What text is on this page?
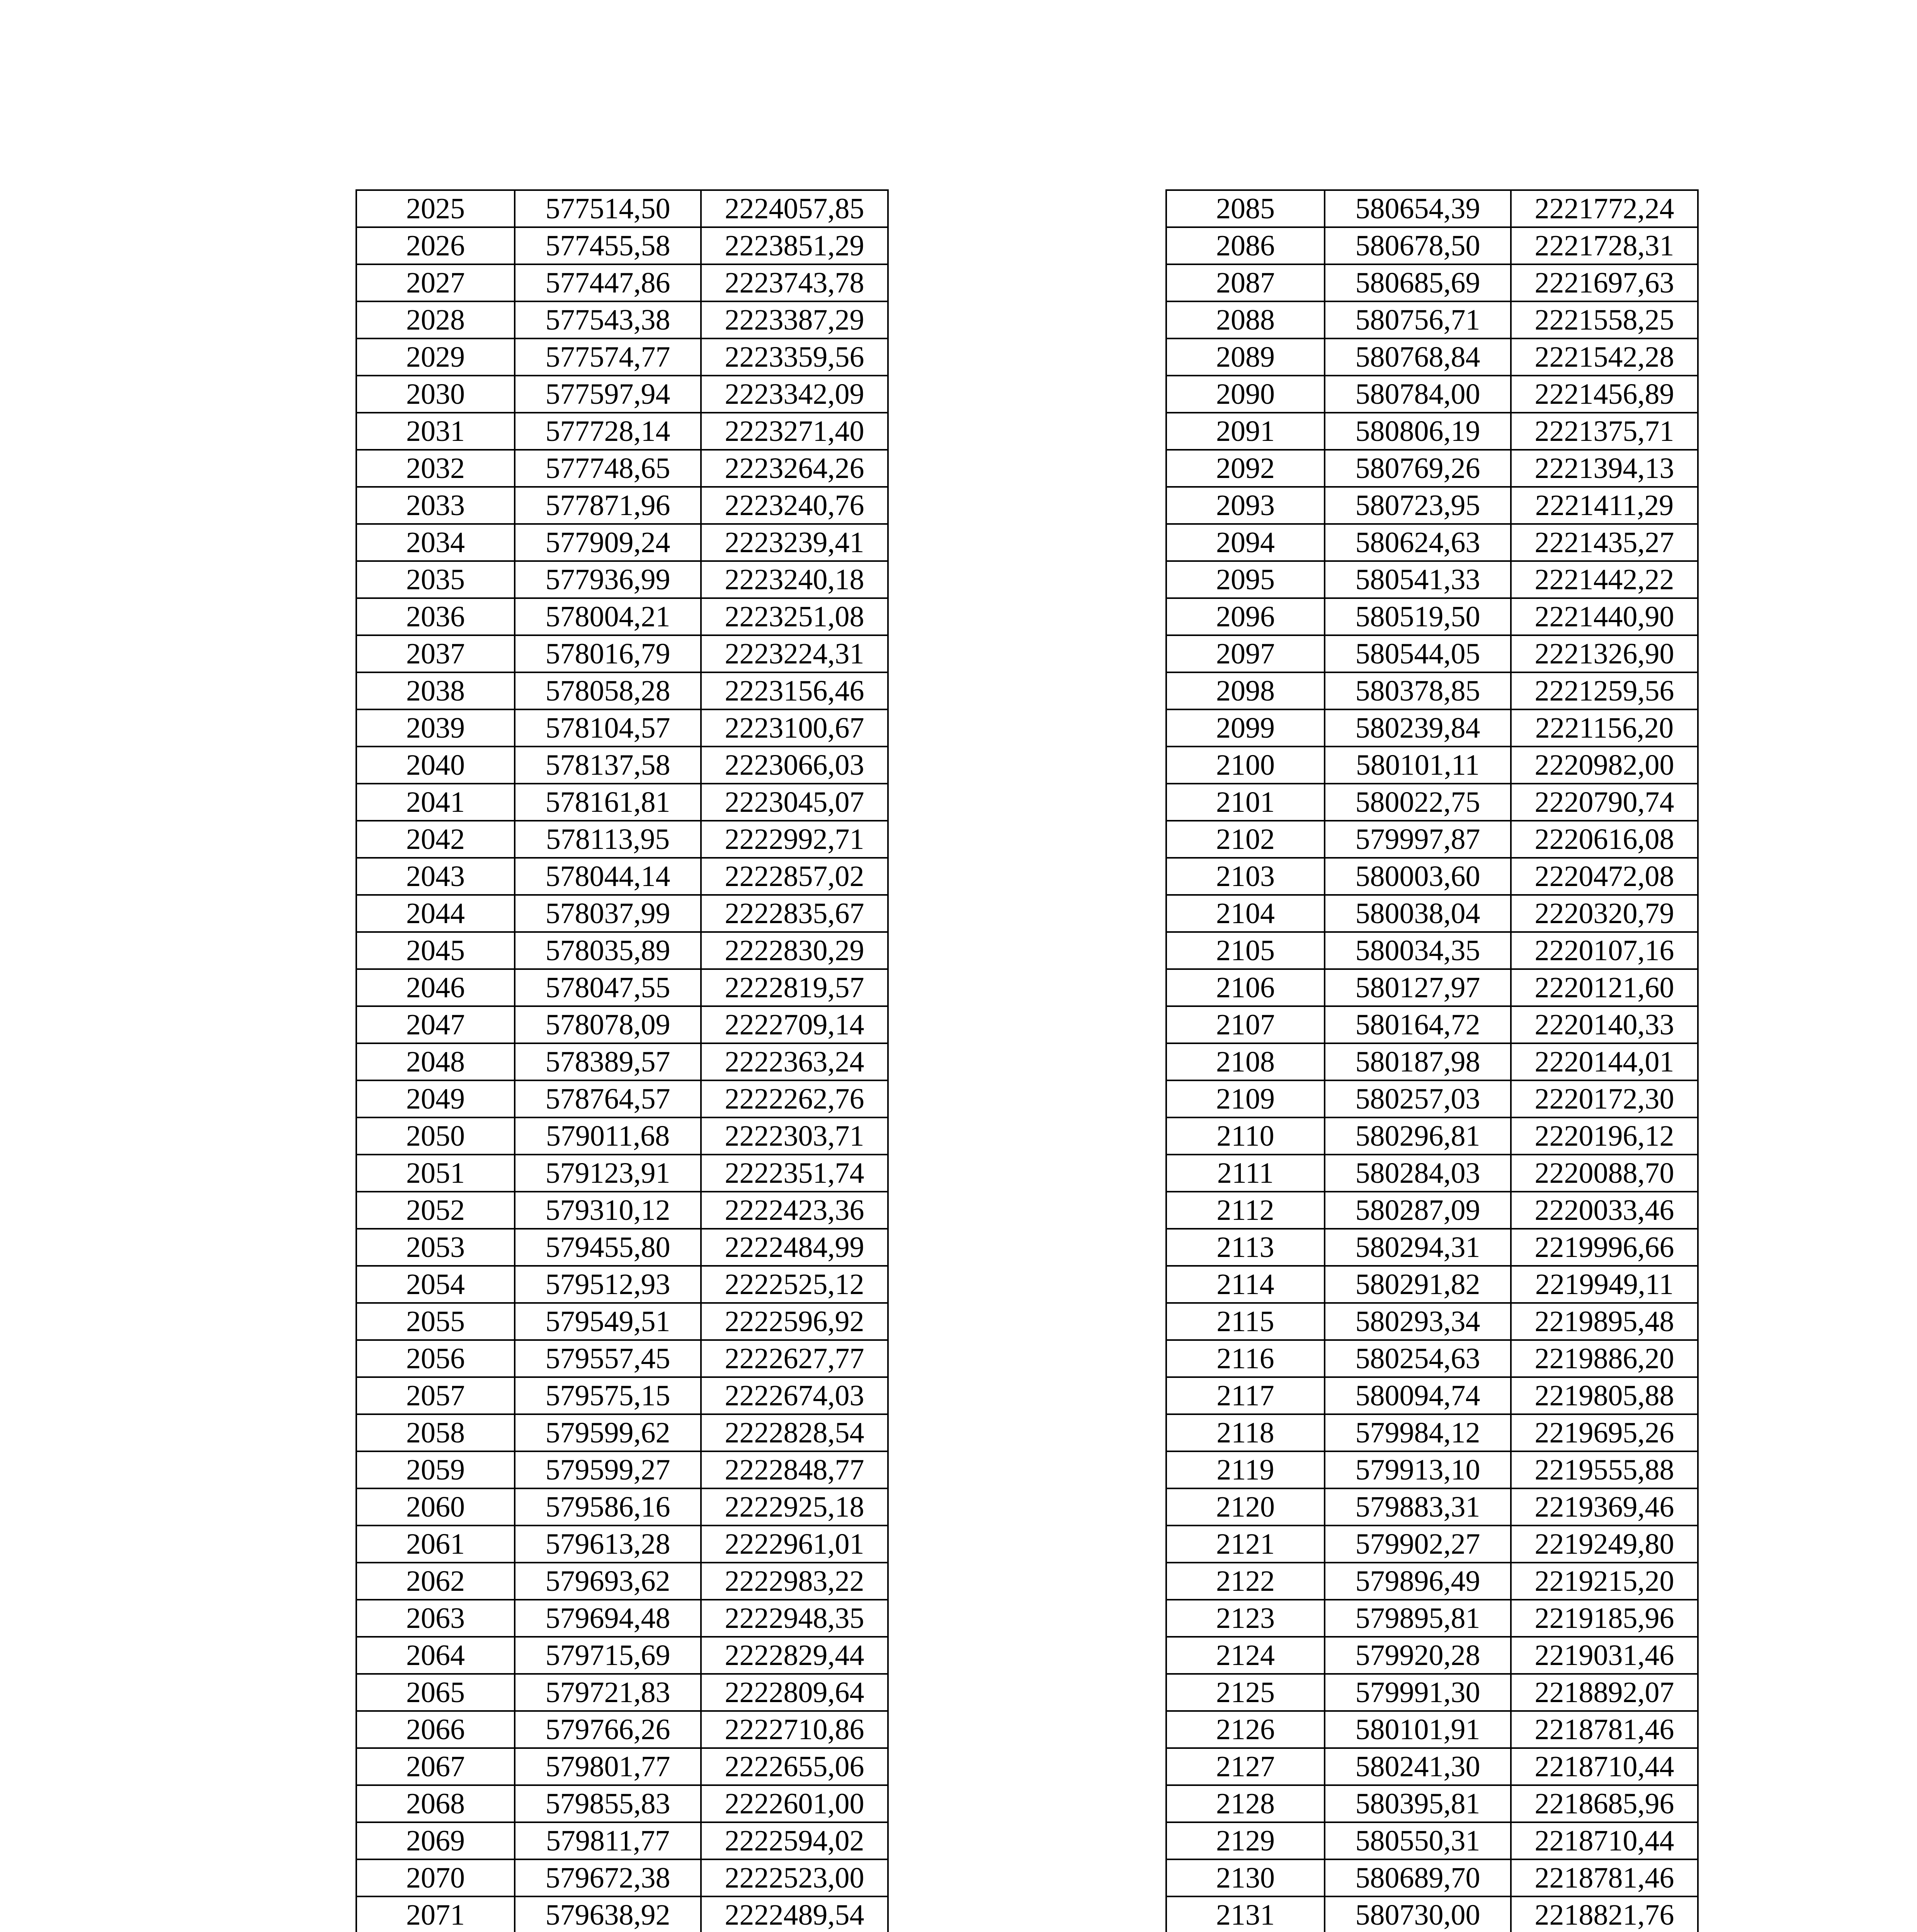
2025	577514,50	2224057,85
2026	577455,58	2223851,29
2027	577447,86	2223743,78
2028	577543,38	2223387,29
2029	577574,77	2223359,56
2030	577597,94	2223342,09
2031	577728,14	2223271,40
2032	577748,65	2223264,26
2033	577871,96	2223240,76
2034	577909,24	2223239,41
2035	577936,99	2223240,18
2036	578004,21	2223251,08
2037	578016,79	2223224,31
2038	578058,28	2223156,46
2039	578104,57	2223100,67
2040	578137,58	2223066,03
2041	578161,81	2223045,07
2042	578113,95	2222992,71
2043	578044,14	2222857,02
2044	578037,99	2222835,67
2045	578035,89	2222830,29
2046	578047,55	2222819,57
2047	578078,09	2222709,14
2048	578389,57	2222363,24
2049	578764,57	2222262,76
2050	579011,68	2222303,71
2051	579123,91	2222351,74
2052	579310,12	2222423,36
2053	579455,80	2222484,99
2054	579512,93	2222525,12
2055	579549,51	2222596,92
2056	579557,45	2222627,77
2057	579575,15	2222674,03
2058	579599,62	2222828,54
2059	579599,27	2222848,77
2060	579586,16	2222925,18
2061	579613,28	2222961,01
2062	579693,62	2222983,22
2063	579694,48	2222948,35
2064	579715,69	2222829,44
2065	579721,83	2222809,64
2066	579766,26	2222710,86
2067	579801,77	2222655,06
2068	579855,83	2222601,00
2069	579811,77	2222594,02
2070	579672,38	2222523,00
2071	579638,92	2222489,54

2085	580654,39	2221772,24
2086	580678,50	2221728,31
2087	580685,69	2221697,63
2088	580756,71	2221558,25
2089	580768,84	2221542,28
2090	580784,00	2221456,89
2091	580806,19	2221375,71
2092	580769,26	2221394,13
2093	580723,95	2221411,29
2094	580624,63	2221435,27
2095	580541,33	2221442,22
2096	580519,50	2221440,90
2097	580544,05	2221326,90
2098	580378,85	2221259,56
2099	580239,84	2221156,20
2100	580101,11	2220982,00
2101	580022,75	2220790,74
2102	579997,87	2220616,08
2103	580003,60	2220472,08
2104	580038,04	2220320,79
2105	580034,35	2220107,16
2106	580127,97	2220121,60
2107	580164,72	2220140,33
2108	580187,98	2220144,01
2109	580257,03	2220172,30
2110	580296,81	2220196,12
2111	580284,03	2220088,70
2112	580287,09	2220033,46
2113	580294,31	2219996,66
2114	580291,82	2219949,11
2115	580293,34	2219895,48
2116	580254,63	2219886,20
2117	580094,74	2219805,88
2118	579984,12	2219695,26
2119	579913,10	2219555,88
2120	579883,31	2219369,46
2121	579902,27	2219249,80
2122	579896,49	2219215,20
2123	579895,81	2219185,96
2124	579920,28	2219031,46
2125	579991,30	2218892,07
2126	580101,91	2218781,46
2127	580241,30	2218710,44
2128	580395,81	2218685,96
2129	580550,31	2218710,44
2130	580689,70	2218781,46
2131	580730,00	2218821,76
